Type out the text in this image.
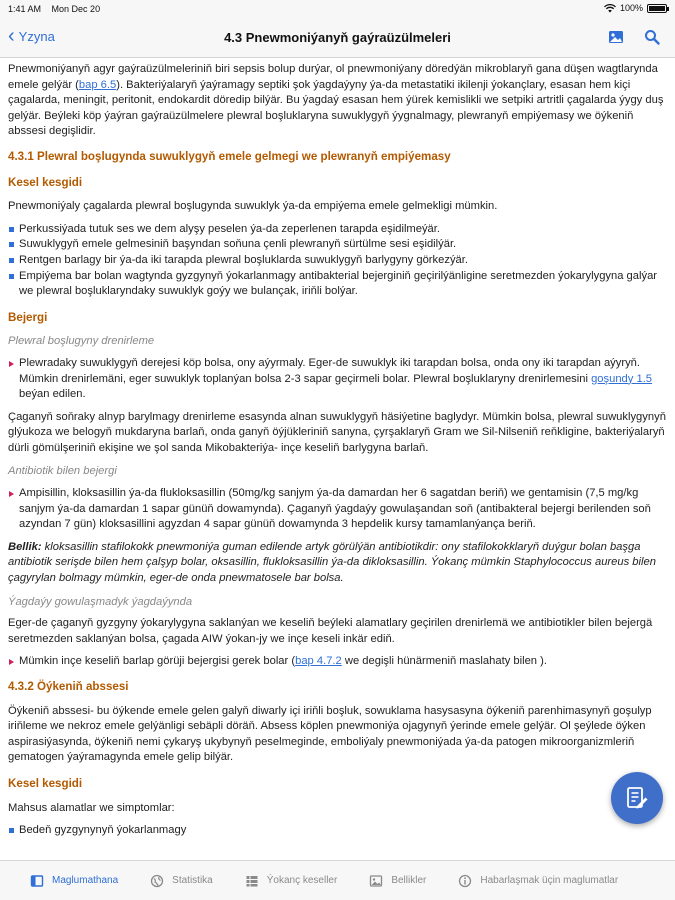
1:41 AM Mon Dec 20	100%
‹ Yzyna	4.3 Pnewmoniýanyň gaýraüzülmeleri

Pnewmoniýanyň agyr gaýraüzülmeleriniň biri sepsis bolup durýar, ol pnewmoniýany döredýän mikroblaryň gana düşen wagtlarynda emele gelýär (bap 6.5). Bakteriýalaryň ýaýramagy septiki şok ýagdaýyny ýa-da metastatiki ikilenji ýokançlary, esasan hem kiçi çagalarda, meningit, peritonit, endokardit döredip bilýär. Bu ýagdaý esasan hem ýürek kemislikli we setpiki artritli çagalarda ýygy duş gelýär. Beýleki köp ýaýran gaýraüzülmelere plewral boşluklaryna suwuklygyň ýygnalmagy, plewranyň empiýemasy we öýkeniň abssesi degişlidir.

4.3.1 Plewral boşlugynda suwuklygyň emele gelmegi we plewranyň empiýemasy
Kesel kesgidi

Pnewmoniýaly çagalarda plewral boşlugynda suwuklyk ýa-da empiýema emele gelmekligi mümkin.

Perkussiýada tutuk ses we dem alyşy peselen ýa-da zeperlenen tarapda eşidilmeýär.
Suwuklygyň emele gelmesiniň başyndan soňuna çenli plewranyň sürtülme sesi eşidilýär.
Rentgen barlagy bir ýa-da iki tarapda plewral boşluklarda suwuklygyň barlygyny görkezýär.
Empiýema bar bolan wagtynda gyzgynyň ýokarlanmagy antibakterial bejerginiň geçirilýänligine seretmezden ýokarylygyna galýar we plewral boşluklaryndaky suwuklyk goýy we bulançak, iriňli bolýar.
Bejergi
Plewral boşlugyny drenirleme
Plewradaky suwuklygyň derejesi köp bolsa, ony aýyrmaly. Eger-de suwuklyk iki tarapdan bolsa, onda ony iki tarapdan aýyryň. Mümkin drenirlemäni, eger suwuklyk toplanýan bolsa 2-3 sapar geçirmeli bolar. Plewral boşluklaryny drenirlemesini goşundy 1.5 beýan edilen.

Çaganyň soňraky alnyp barylmagy drenirleme esasynda alnan suwuklygyň häsiýetine baglydyr. Mümkin bolsa, plewral suwuklygynyň glýukoza we belogyň mukdaryna barlaň, onda ganyň öýjükleriniň sanyna, çyrşaklaryň Gram we Sil-Nilseniň reňkligine, bakteriýalaryň dürli gömülşeriniň ekişine we şol sanda Mikobakteriýa- inçe keseliň barlygyna barlaň.

Antibiotik bilen bejergi
Ampisillin, kloksasillin ýa-da flukloksasillin (50mg/kg sanjym ýa-da damardan her 6 sagatdan beriň) we gentamisin (7,5 mg/kg sanjym ýa-da damardan 1 sapar günüň dowamynda). Çaganyň ýagdaýy gowulaşandan soň (antibakteral bejergi berilenden soň azyndan 7 gün) kloksasillini agyzdan 4 sapar günüň dowamynda 3 hepdelik kursy tamamlanýança beriň.

Bellik: kloksasillin stafilokokk pnewmoniýa guman edilende artyk görülýän antibiotikdir: ony stafilokokklaryň duýgur bolan başga antibiotik serişde bilen hem çalşyp bolar, oksasillin, flukloksasillin ýa-da dikloksasillin. Ýokanç mümkin Staphylococcus aureus bilen çagyrylan bolmagy mümkin, eger-de onda pnewmatosele bar bolsa.

Ýagdaýy gowulaşmadyk ýagdaýynda

Eger-de çaganyň gyzgyny ýokarylygyna saklanýan we keseliň beýleki alamatlary geçirilen drenirlemä we antibiotikler bilen bejergä seretmezden saklanýan bolsa, çagada AIW ýokan-jy we inçe keseli inkär ediň.

Mümkin inçe keseliň barlap görüji bejergisi gerek bolar (bap 4.7.2 we degişli hünärmeniň maslahaty bilen ).
4.3.2 Öýkeniň abssesi

Öýkeniň abssesi- bu öýkende emele gelen galyň diwarly içi iriňli boşluk, sowuklama hasysasyna öýkeniň parenhimasynyň goşulyp iriňleme we nekroz emele gelýänligi sebäpli döräň. Absess köplen pnewmoniýa ojagynyň ýerinde emele gelýär. Ol şeýlede öýken aspirasiýasynda, öýkeniň nemi çykaryş ukybynyň peselmeginde, emboliýaly pnewmoniýada ýa-da patogen mikroorganizmleriň gematogen ýaýramagynda emele gelip bilýär.

Kesel kesgidi

Mahsus alamatlar we simptomlar:

Bedeň gyzgynynyň ýokarlanmagy
Maglumathana	Statistika	Ýokanç keseller	Bellikler	Habarlaşmak üçin maglumatlar
